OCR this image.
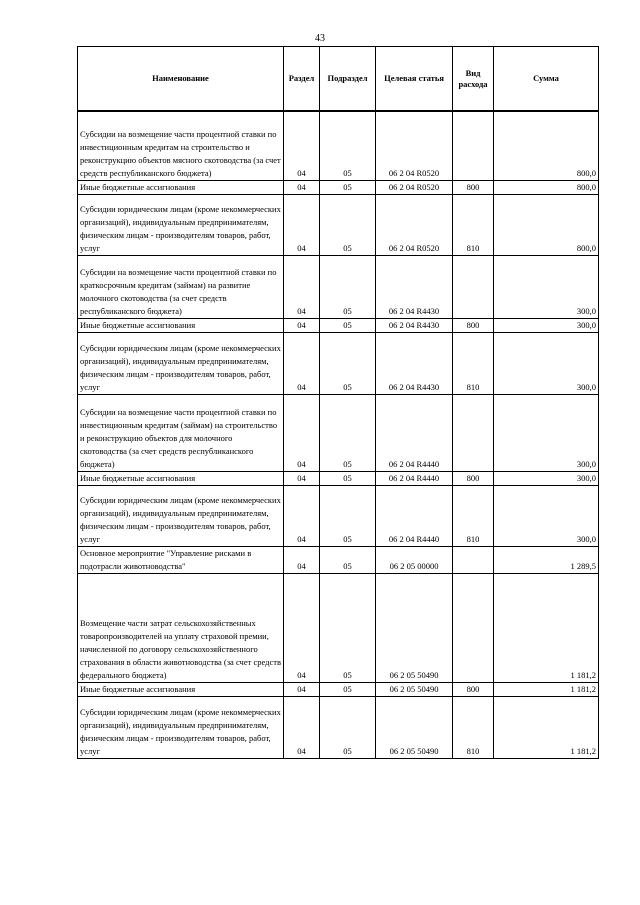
43
Наименование	Раздел	Подраздел	Целевая статья	Вид расхода	Сумма
Субсидии на возмещение части процентной ставки по инвестиционным кредитам на строительство и реконструкцию объектов мясного скотоводства (за счет средств республиканского бюджета)	04	05	06 2 04 R0520		800,0
Иные бюджетные ассигнования	04	05	06 2 04 R0520	800	800,0
Субсидии юридическим лицам (кроме некоммерческих организаций), индивидуальным предпринимателям, физическим лицам - производителям товаров, работ, услуг	04	05	06 2 04 R0520	810	800,0
Субсидии на возмещение части процентной ставки по краткосрочным кредитам (займам) на развитие молочного скотоводства (за счет средств республиканского бюджета)	04	05	06 2 04 R4430		300,0
Иные бюджетные ассигнования	04	05	06 2 04 R4430	800	300,0
Субсидии юридическим лицам (кроме некоммерческих организаций), индивидуальным предпринимателям, физическим лицам - производителям товаров, работ, услуг	04	05	06 2 04 R4430	810	300,0
Субсидии на возмещение части процентной ставки по инвестиционным кредитам (займам) на строительство и реконструкцию объектов для молочного скотоводства (за счет средств республиканского бюджета)	04	05	06 2 04 R4440		300,0
Иные бюджетные ассигнования	04	05	06 2 04 R4440	800	300,0
Субсидии юридическим лицам (кроме некоммерческих организаций), индивидуальным предпринимателям, физическим лицам - производителям товаров, работ, услуг	04	05	06 2 04 R4440	810	300,0
Основное мероприятие "Управление рисками в подотрасли животноводства"	04	05	06 2 05 00000		1 289,5
Возмещение части затрат сельскохозяйственных товаропроизводителей на уплату страховой премии, начисленной по договору сельскохозяйственного страхования в области животноводства (за счет средств федерального бюджета)	04	05	06 2 05 50490		1 181,2
Иные бюджетные ассигнования	04	05	06 2 05 50490	800	1 181,2
Субсидии юридическим лицам (кроме некоммерческих организаций), индивидуальным предпринимателям, физическим лицам - производителям товаров, работ, услуг	04	05	06 2 05 50490	810	1 181,2
